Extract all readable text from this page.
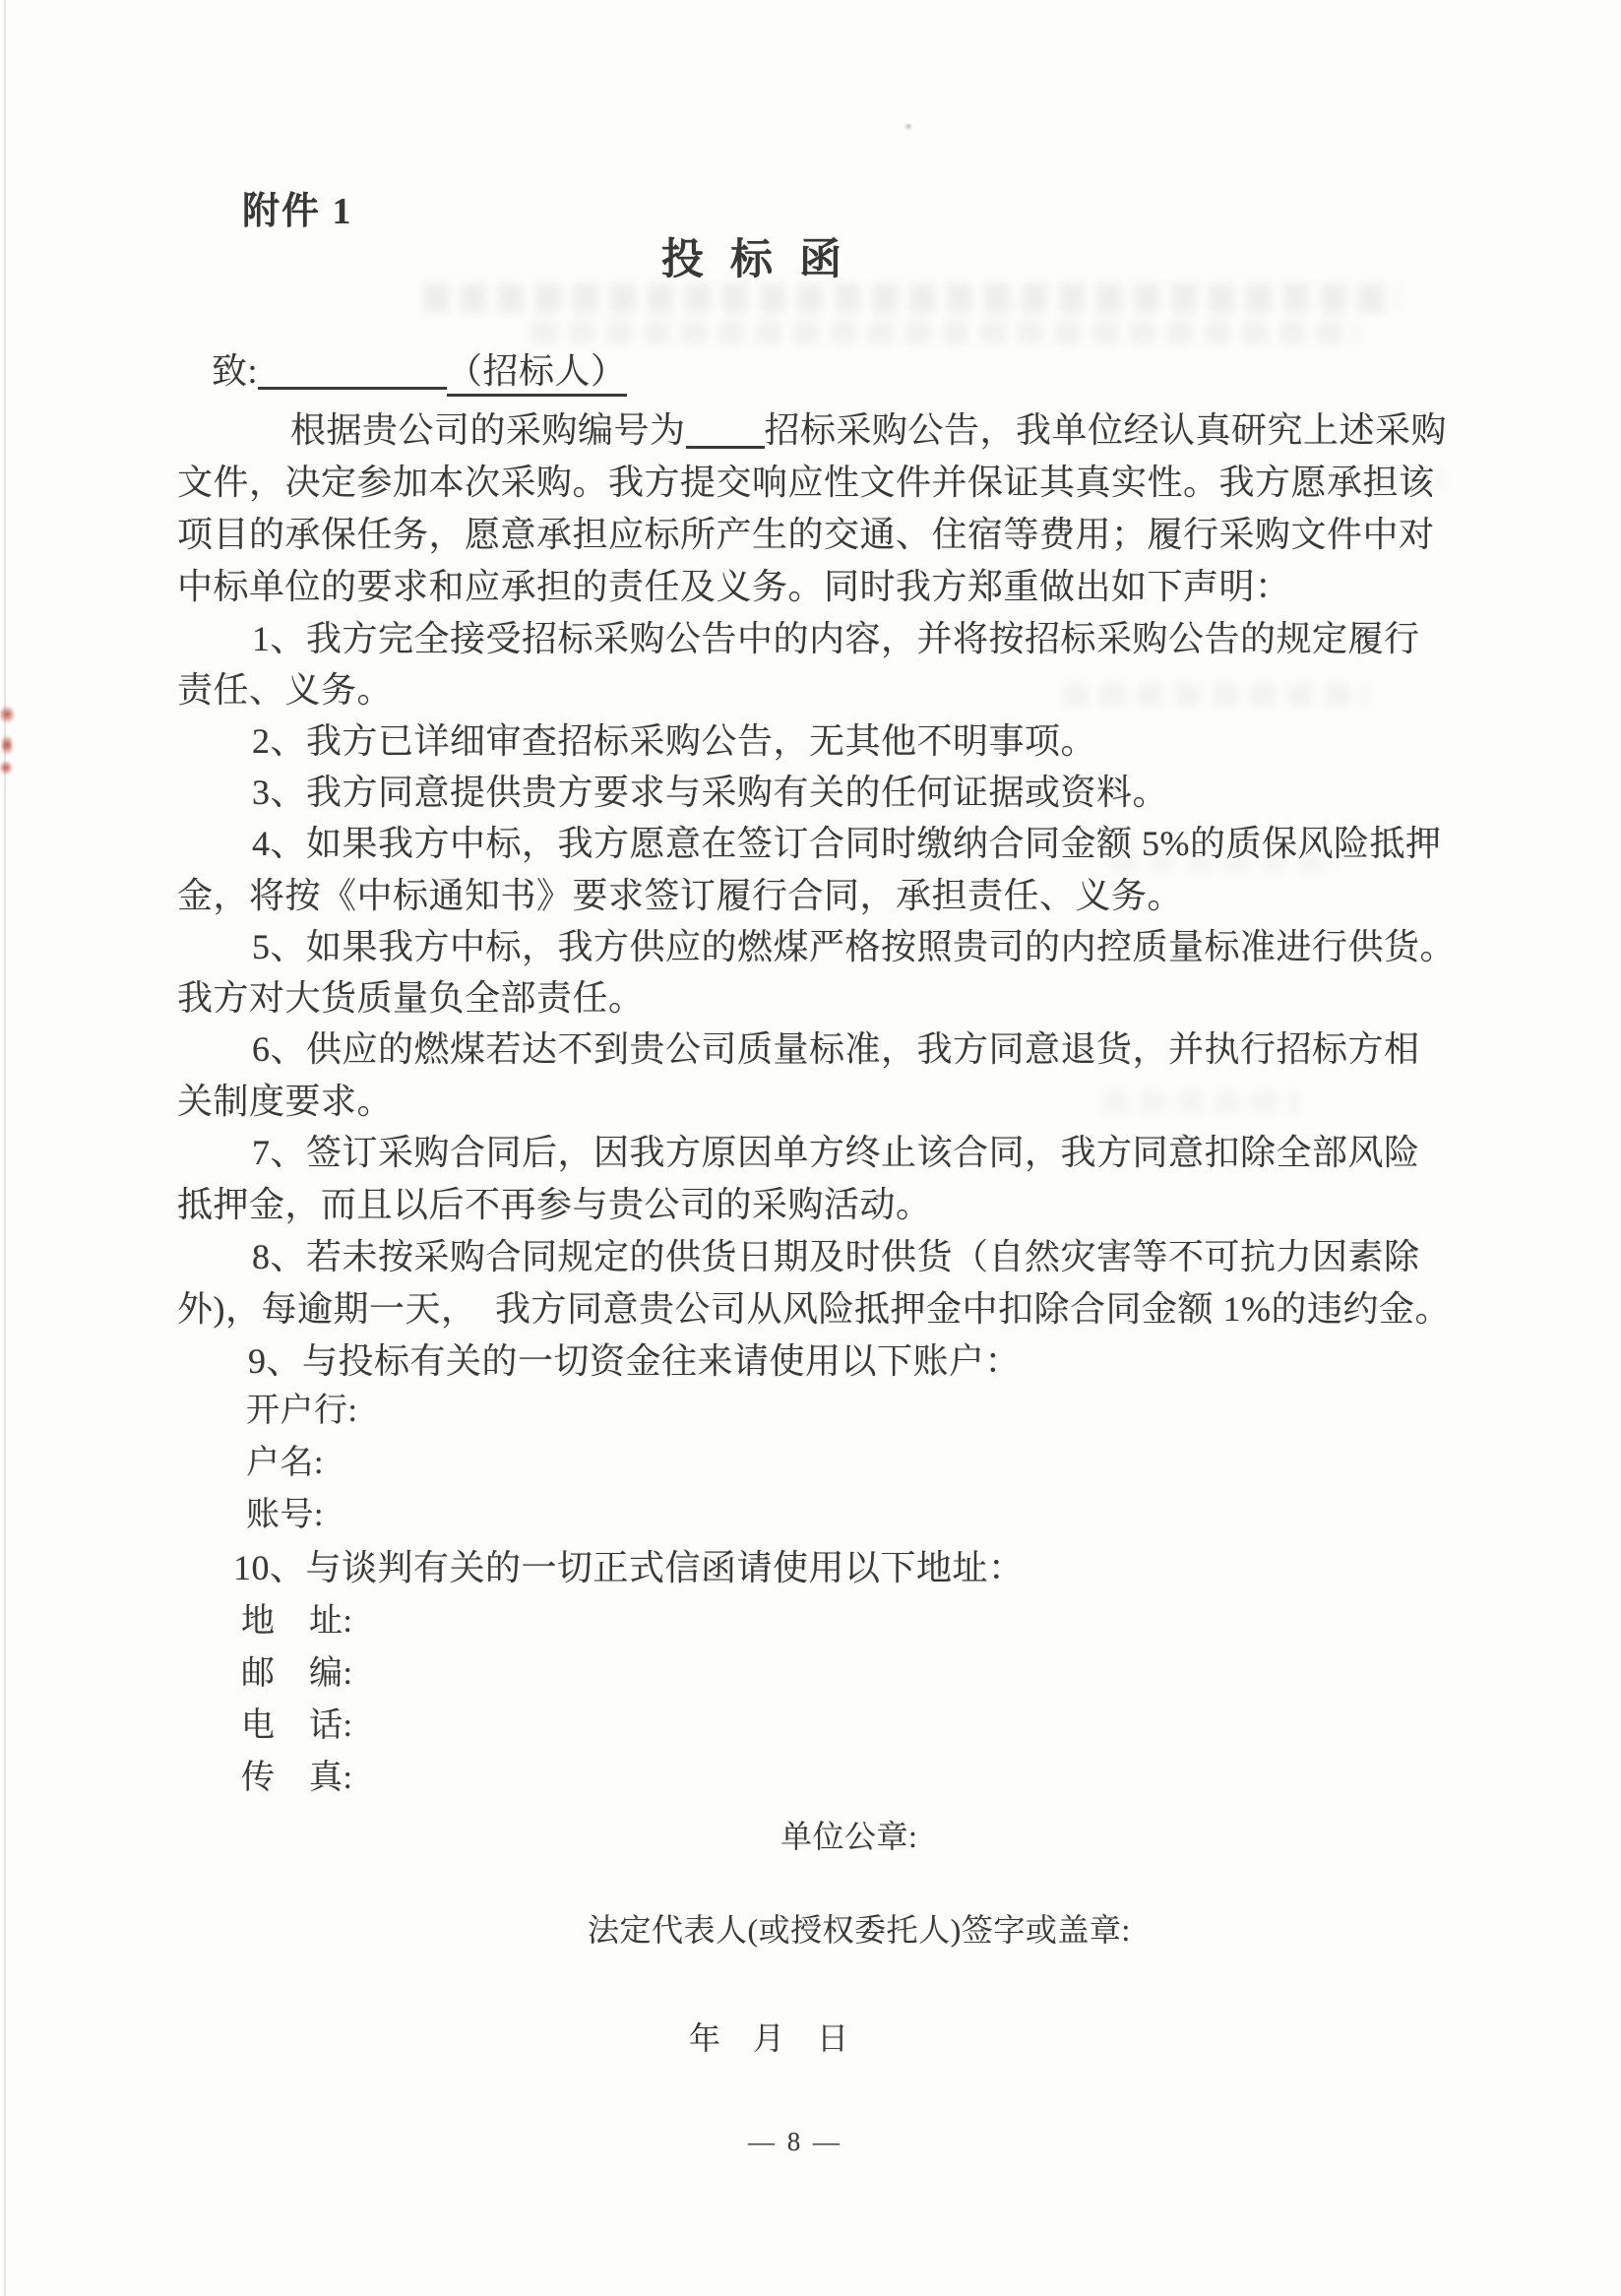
附件 1
投标函
致:	（招标人）
根据贵公司的采购编号为 招标采购公告，我单位经认真研究上述采购
文件，决定参加本次采购。我方提交响应性文件并保证其真实性。我方愿承担该
项目的承保任务，愿意承担应标所产生的交通、住宿等费用；履行采购文件中对
中标单位的要求和应承担的责任及义务。同时我方郑重做出如下声明：
1、我方完全接受招标采购公告中的内容，并将按招标采购公告的规定履行
责任、义务。
2、我方已详细审查招标采购公告，无其他不明事项。
3、我方同意提供贵方要求与采购有关的任何证据或资料。
4、如果我方中标，我方愿意在签订合同时缴纳合同金额 5%的质保风险抵押
金，将按《中标通知书》要求签订履行合同，承担责任、义务。
5、如果我方中标，我方供应的燃煤严格按照贵司的内控质量标准进行供货。
我方对大货质量负全部责任。
6、供应的燃煤若达不到贵公司质量标准，我方同意退货，并执行招标方相
关制度要求。
7、签订采购合同后，因我方原因单方终止该合同，我方同意扣除全部风险
抵押金，而且以后不再参与贵公司的采购活动。
8、若未按采购合同规定的供货日期及时供货（自然灾害等不可抗力因素除
外)，每逾期一天，　我方同意贵公司从风险抵押金中扣除合同金额 1%的违约金。
9、与投标有关的一切资金往来请使用以下账户：
开户行:
户名:
账号:
10、与谈判有关的一切正式信函请使用以下地址：
地　址:
邮　编:
电　话:
传　真:
单位公章:
法定代表人(或授权委托人)签字或盖章:
年　月　日
— 8 —
